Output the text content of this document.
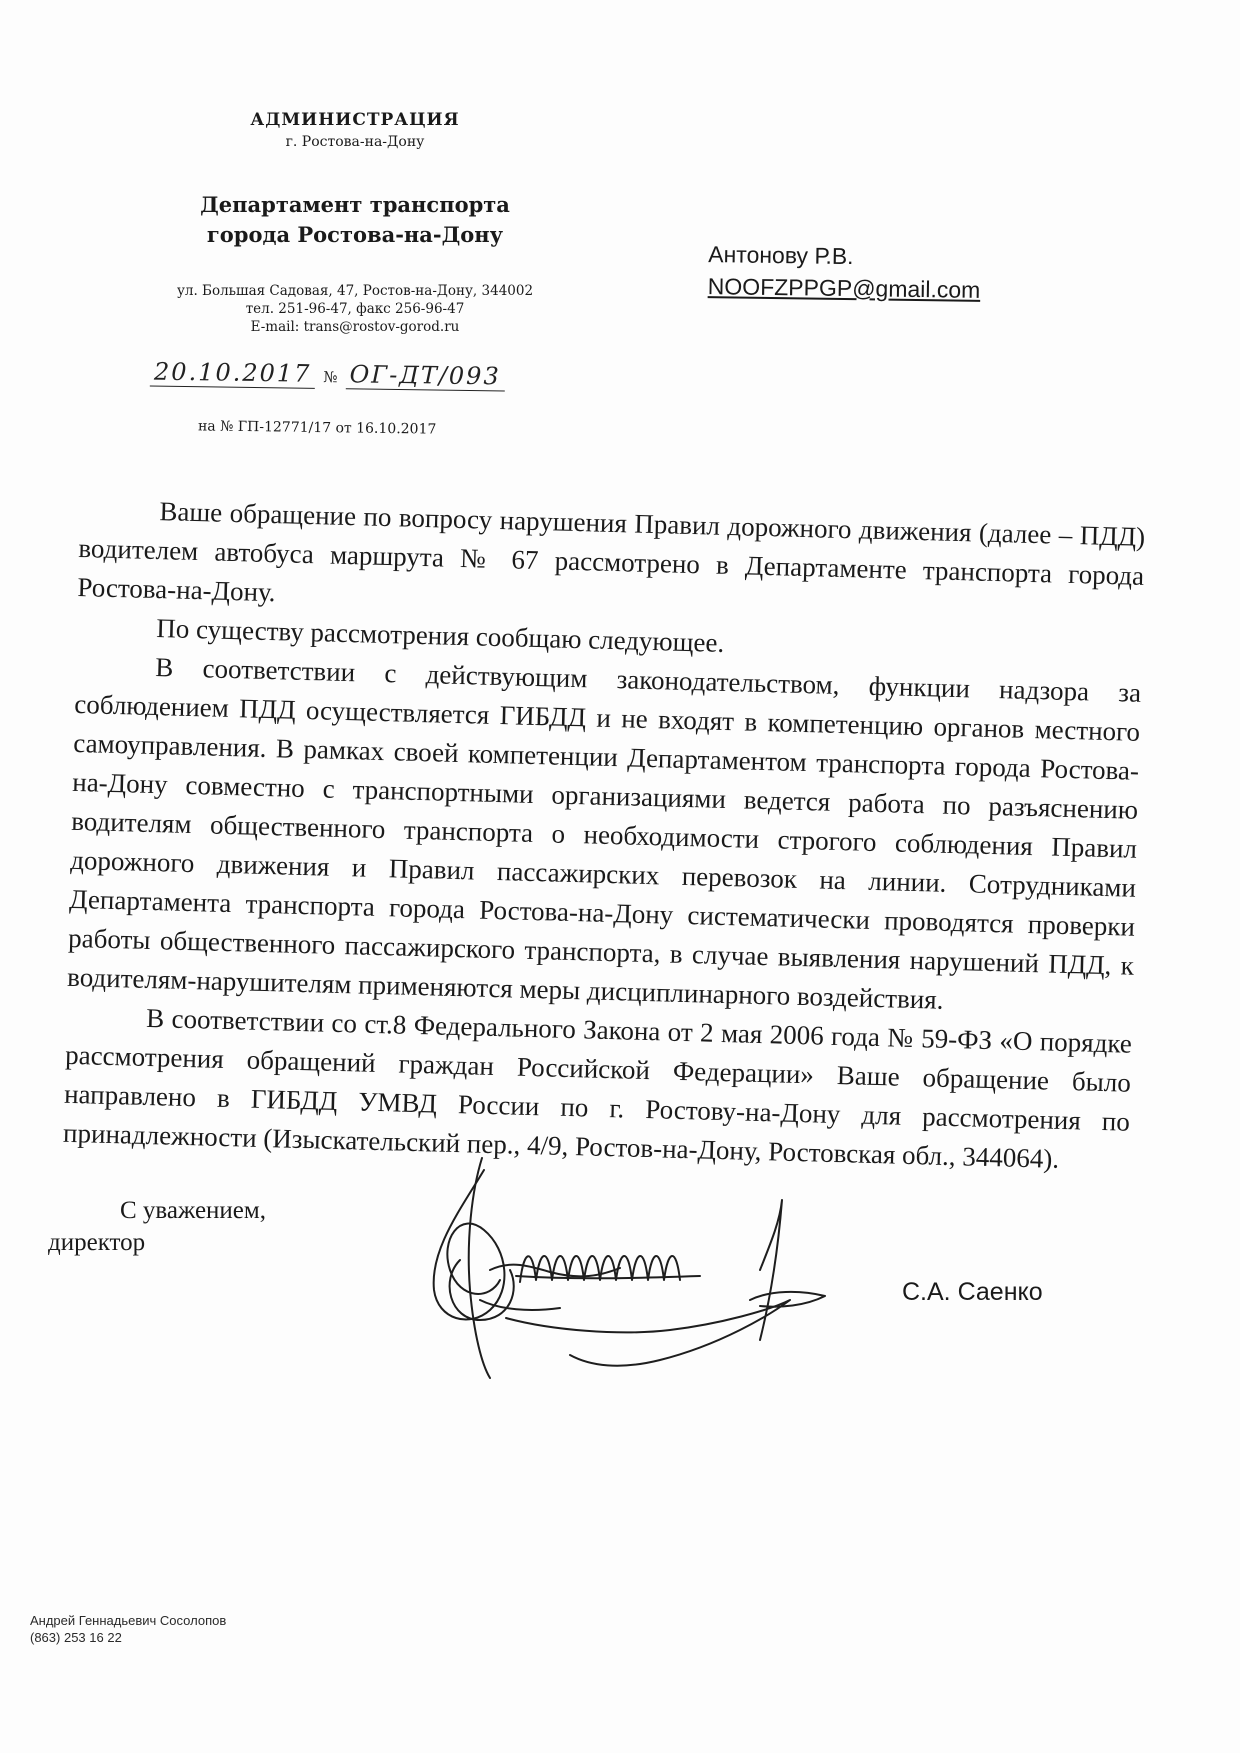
АДМИНИСТРАЦИЯ
г. Ростова-на-Дону
Департамент транспорта
города Ростова-на-Дону
ул. Большая Садовая, 47, Ростов-на-Дону, 344002
тел. 251-96-47, факс 256-96-47
E-mail: trans@rostov-gorod.ru
20.10.2017 № ОГ-ДТ/093
на № ГП-12771/17 от 16.10.2017
Антонову Р.В.
NOOFZPPGP@gmail.com

Ваше обращение по вопросу нарушения Правил дорожного движения (далее – ПДД) водителем автобуса маршрута № 67 рассмотрено в Департаменте транспорта города Ростова-на-Дону.

По существу рассмотрения сообщаю следующее.

В соответствии с действующим законодательством, функции надзора за соблюдением ПДД осуществляется ГИБДД и не входят в компетенцию органов местного самоуправления. В рамках своей компетенции Департаментом транспорта города Ростова-на-Дону совместно с транспортными организациями ведется работа по разъяснению водителям общественного транспорта о необходимости строгого соблюдения Правил дорожного движения и Правил пассажирских перевозок на линии. Сотрудниками Департамента транспорта города Ростова-на-Дону систематически проводятся проверки работы общественного пассажирского транспорта, в случае выявления нарушений ПДД, к водителям-нарушителям применяются меры дисциплинарного воздействия.

В соответствии со ст.8 Федерального Закона от 2 мая 2006 года № 59-ФЗ «О порядке рассмотрения обращений граждан Российской Федерации» Ваше обращение было направлено в ГИБДД УМВД России по г. Ростову-на-Дону для рассмотрения по принадлежности (Изыскательский пер., 4/9, Ростов-на-Дону, Ростовская обл., 344064).

С уважением,
директор
С.А. Саенко
Андрей Геннадьевич Сосолопов
(863) 253 16 22
